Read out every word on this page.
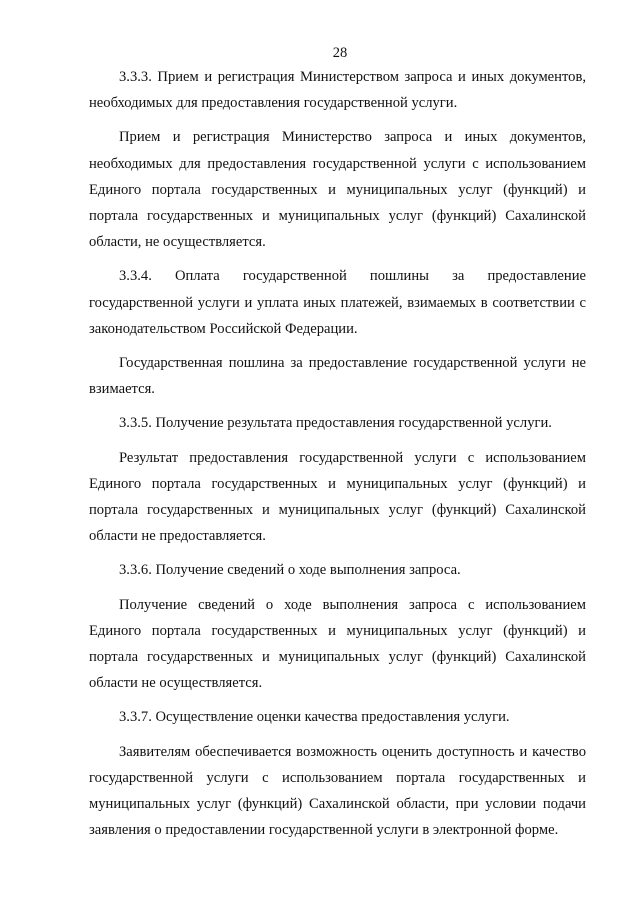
28

3.3.3. Прием и регистрация Министерством запроса и иных документов, необходимых для предоставления государственной услуги.

Прием и регистрация Министерство запроса и иных документов, необходимых для предоставления государственной услуги с использованием Единого портала государственных и муниципальных услуг (функций) и портала государственных и муниципальных услуг (функций) Сахалинской области, не осуществляется.

3.3.4. Оплата государственной пошлины за предоставление государственной услуги и уплата иных платежей, взимаемых в соответствии с законодательством Российской Федерации.

Государственная пошлина за предоставление государственной услуги не взимается.

3.3.5. Получение результата предоставления государственной услуги.

Результат предоставления государственной услуги с использованием Единого портала государственных и муниципальных услуг (функций) и портала государственных и муниципальных услуг (функций) Сахалинской области не предоставляется.

3.3.6. Получение сведений о ходе выполнения запроса.

Получение сведений о ходе выполнения запроса с использованием Единого портала государственных и муниципальных услуг (функций) и портала государственных и муниципальных услуг (функций) Сахалинской области не осуществляется.

3.3.7. Осуществление оценки качества предоставления услуги.

Заявителям обеспечивается возможность оценить доступность и качество государственной услуги с использованием портала государственных и муниципальных услуг (функций) Сахалинской области, при условии подачи заявления о предоставлении государственной услуги в электронной форме.
